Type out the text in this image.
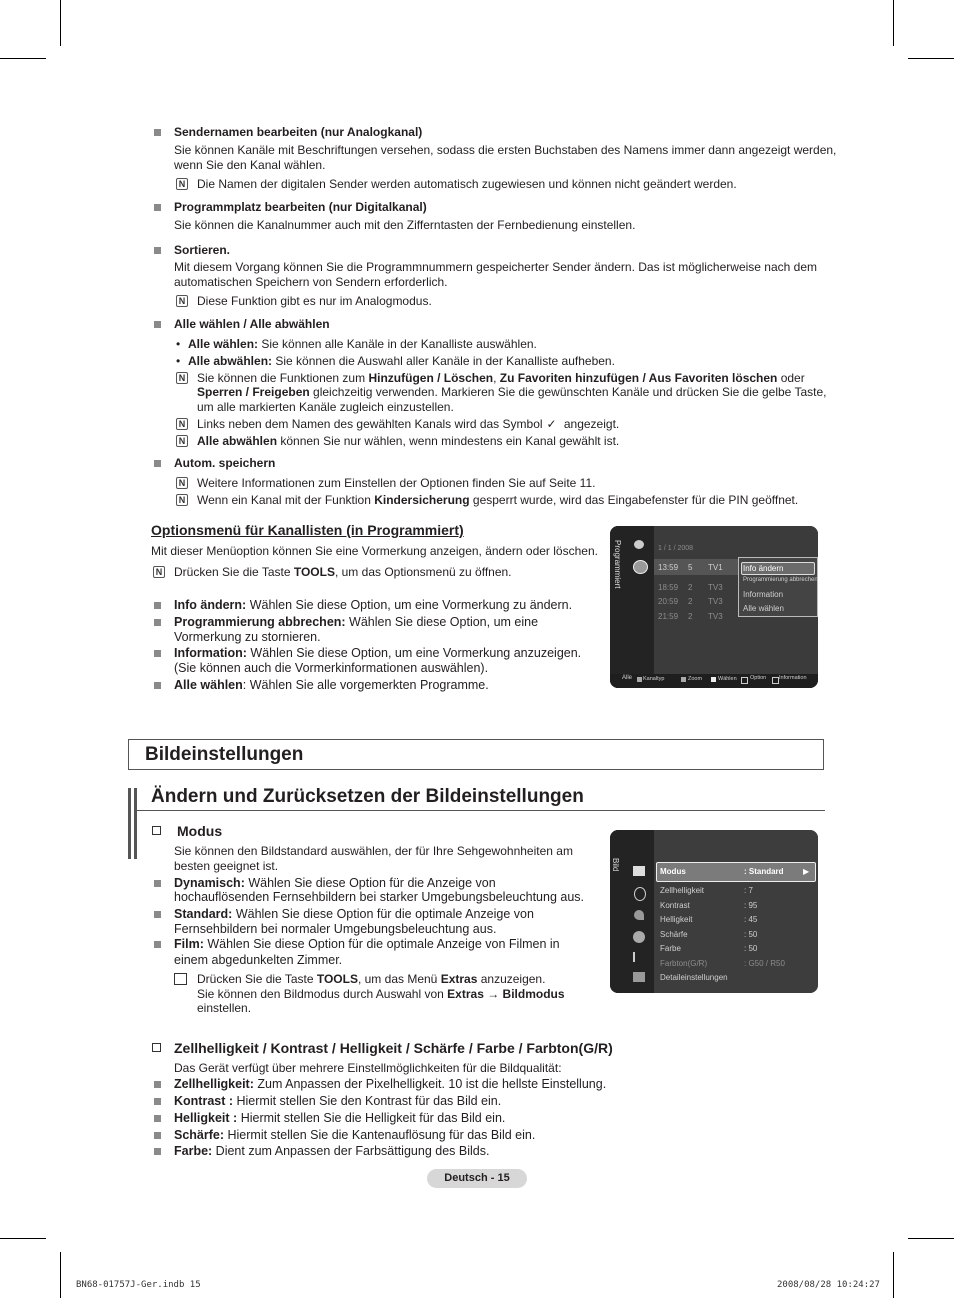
Sendernamen bearbeiten (nur Analogkanal)
Sie können Kanäle mit Beschriftungen versehen, sodass die ersten Buchstaben des Namens immer dann angezeigt werden,
wenn Sie den Kanal wählen.
N Die Namen der digitalen Sender werden automatisch zugewiesen und können nicht geändert werden.
Programmplatz bearbeiten (nur Digitalkanal)
Sie können die Kanalnummer auch mit den Zifferntasten der Fernbedienung einstellen.
Sortieren.
Mit diesem Vorgang können Sie die Programmnummern gespeicherter Sender ändern. Das ist möglicherweise nach dem
automatischen Speichern von Sendern erforderlich.
N Diese Funktion gibt es nur im Analogmodus.
Alle wählen / Alle abwählen
• Alle wählen: Sie können alle Kanäle in der Kanalliste auswählen.
• Alle abwählen: Sie können die Auswahl aller Kanäle in der Kanalliste aufheben.
N Sie können die Funktionen zum Hinzufügen / Löschen, Zu Favoriten hinzufügen / Aus Favoriten löschen oder
Sperren / Freigeben gleichzeitig verwenden. Markieren Sie die gewünschten Kanäle und drücken Sie die gelbe Taste,
um alle markierten Kanäle zugleich einzustellen.
N Links neben dem Namen des gewählten Kanals wird das Symbol ✓ angezeigt.
N Alle abwählen können Sie nur wählen, wenn mindestens ein Kanal gewählt ist.
Autom. speichern
N Weitere Informationen zum Einstellen der Optionen finden Sie auf Seite 11.
N Wenn ein Kanal mit der Funktion Kindersicherung gesperrt wurde, wird das Eingabefenster für die PIN geöffnet.
Optionsmenü für Kanallisten (in Programmiert)
Mit dieser Menüoption können Sie eine Vormerkung anzeigen, ändern oder löschen.
N Drücken Sie die Taste TOOLS, um das Optionsmenü zu öffnen.
Info ändern: Wählen Sie diese Option, um eine Vormerkung zu ändern.
Programmierung abbrechen: Wählen Sie diese Option, um eine
Vormerkung zu stornieren.
Information: Wählen Sie diese Option, um eine Vormerkung anzuzeigen.
(Sie können auch die Vormerkinformationen auswählen).
Alle wählen: Wählen Sie alle vorgemerkten Programme.
Programmiert	1 / 1 / 2008
13:59 5 TV1
18:59 2 TV3
20:59 2 TV3
21:59 2 TV3
Info ändern
Programmierung abbrechen
Information
Alle wählen
Alle Kanaltyp	Zoom	Wählen Option Information
Bildeinstellungen
Ändern und Zurücksetzen der Bildeinstellungen
Modus
Sie können den Bildstandard auswählen, der für Ihre Sehgewohnheiten am
besten geeignet ist.
Dynamisch: Wählen Sie diese Option für die Anzeige von
hochauflösenden Fernsehbildern bei starker Umgebungsbeleuchtung aus.
Standard: Wählen Sie diese Option für die optimale Anzeige von
Fernsehbildern bei normaler Umgebungsbeleuchtung aus.
Film: Wählen Sie diese Option für die optimale Anzeige von Filmen in
einem abgedunkelten Zimmer.
Drücken Sie die Taste TOOLS, um das Menü Extras anzuzeigen.
Sie können den Bildmodus durch Auswahl von Extras → Bildmodus
einstellen.
Bild
Modus	: Standard ▶
Zellhelligkeit	: 7
Kontrast	: 95
Helligkeit	: 45
Schärfe	: 50
Farbe	: 50
Farbton(G/R)	: G50 / R50
Detaileinstellungen
Zellhelligkeit / Kontrast / Helligkeit / Schärfe / Farbe / Farbton(G/R)
Das Gerät verfügt über mehrere Einstellmöglichkeiten für die Bildqualität:
Zellhelligkeit: Zum Anpassen der Pixelhelligkeit. 10 ist die hellste Einstellung.
Kontrast : Hiermit stellen Sie den Kontrast für das Bild ein.
Helligkeit : Hiermit stellen Sie die Helligkeit für das Bild ein.
Schärfe: Hiermit stellen Sie die Kantenauflösung für das Bild ein.
Farbe: Dient zum Anpassen der Farbsättigung des Bilds.
Deutsch - 15
BN68-01757J-Ger.indb 15	2008/08/28 10:24:27
